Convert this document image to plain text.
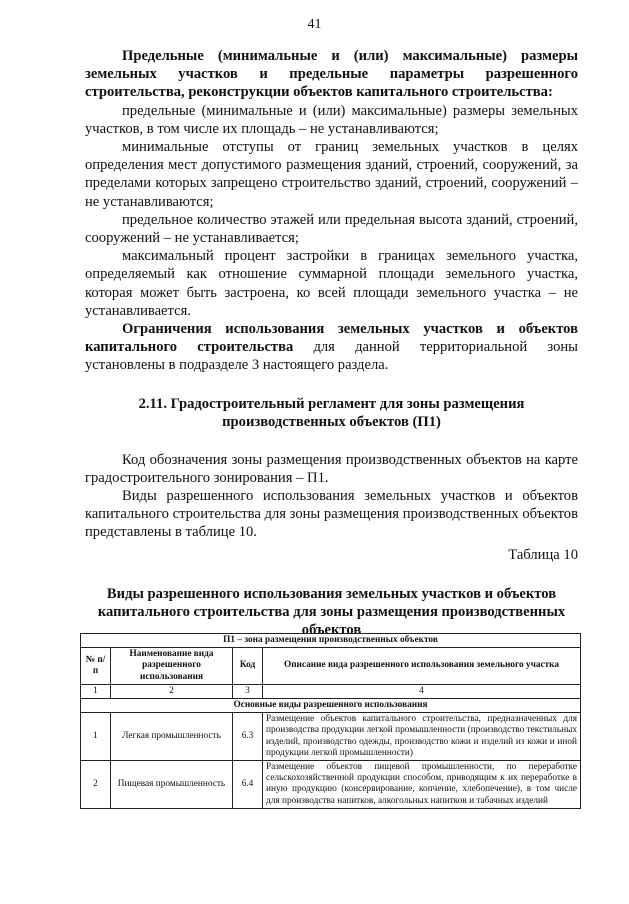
41

Предельные (минимальные и (или) максимальные) размеры земельных участков и предельные параметры разрешенного строительства, реконструкции объектов капитального строительства:

предельные (минимальные и (или) максимальные) размеры земельных участков, в том числе их площадь – не устанавливаются;

минимальные отступы от границ земельных участков в целях определения мест допустимого размещения зданий, строений, сооружений, за пределами которых запрещено строительство зданий, строений, сооружений – не устанавливаются;

предельное количество этажей или предельная высота зданий, строений, сооружений – не устанавливается;

максимальный процент застройки в границах земельного участка, определяемый как отношение суммарной площади земельного участка, которая может быть застроена, ко всей площади земельного участка – не устанавливается.

Ограничения использования земельных участков и объектов капитального строительства для данной территориальной зоны установлены в подразделе 3 настоящего раздела.

2.11. Градостроительный регламент для зоны размещения производственных объектов (П1)

Код обозначения зоны размещения производственных объектов на карте градостроительного зонирования – П1.

Виды разрешенного использования земельных участков и объектов капитального строительства для зоны размещения производственных объектов представлены в таблице 10.

Таблица 10

Виды разрешенного использования земельных участков и объектов капитального строительства для зоны размещения производственных объектов
П1 – зона размещения производственных объектов			
№ п/п	Наименование вида разрешенного использования	Код	Описание вида разрешенного использования земельного участка
1	2	3	4
Основные виды разрешенного использования			
1	Легкая промышленность	6.3	Размещение объектов капитального строительства, предназначенных для производства продукции легкой промышленности (производство текстильных изделий, производство одежды, производство кожи и изделий из кожи и иной продукции легкой промышленности)
2	Пищевая промышленность	6.4	Размещение объектов пищевой промышленности, по переработке сельскохозяйственной продукции способом, приводящим к их переработке в иную продукцию (консервирование, копчение, хлебопечение), в том числе для производства напитков, алкогольных напитков и табачных изделий
